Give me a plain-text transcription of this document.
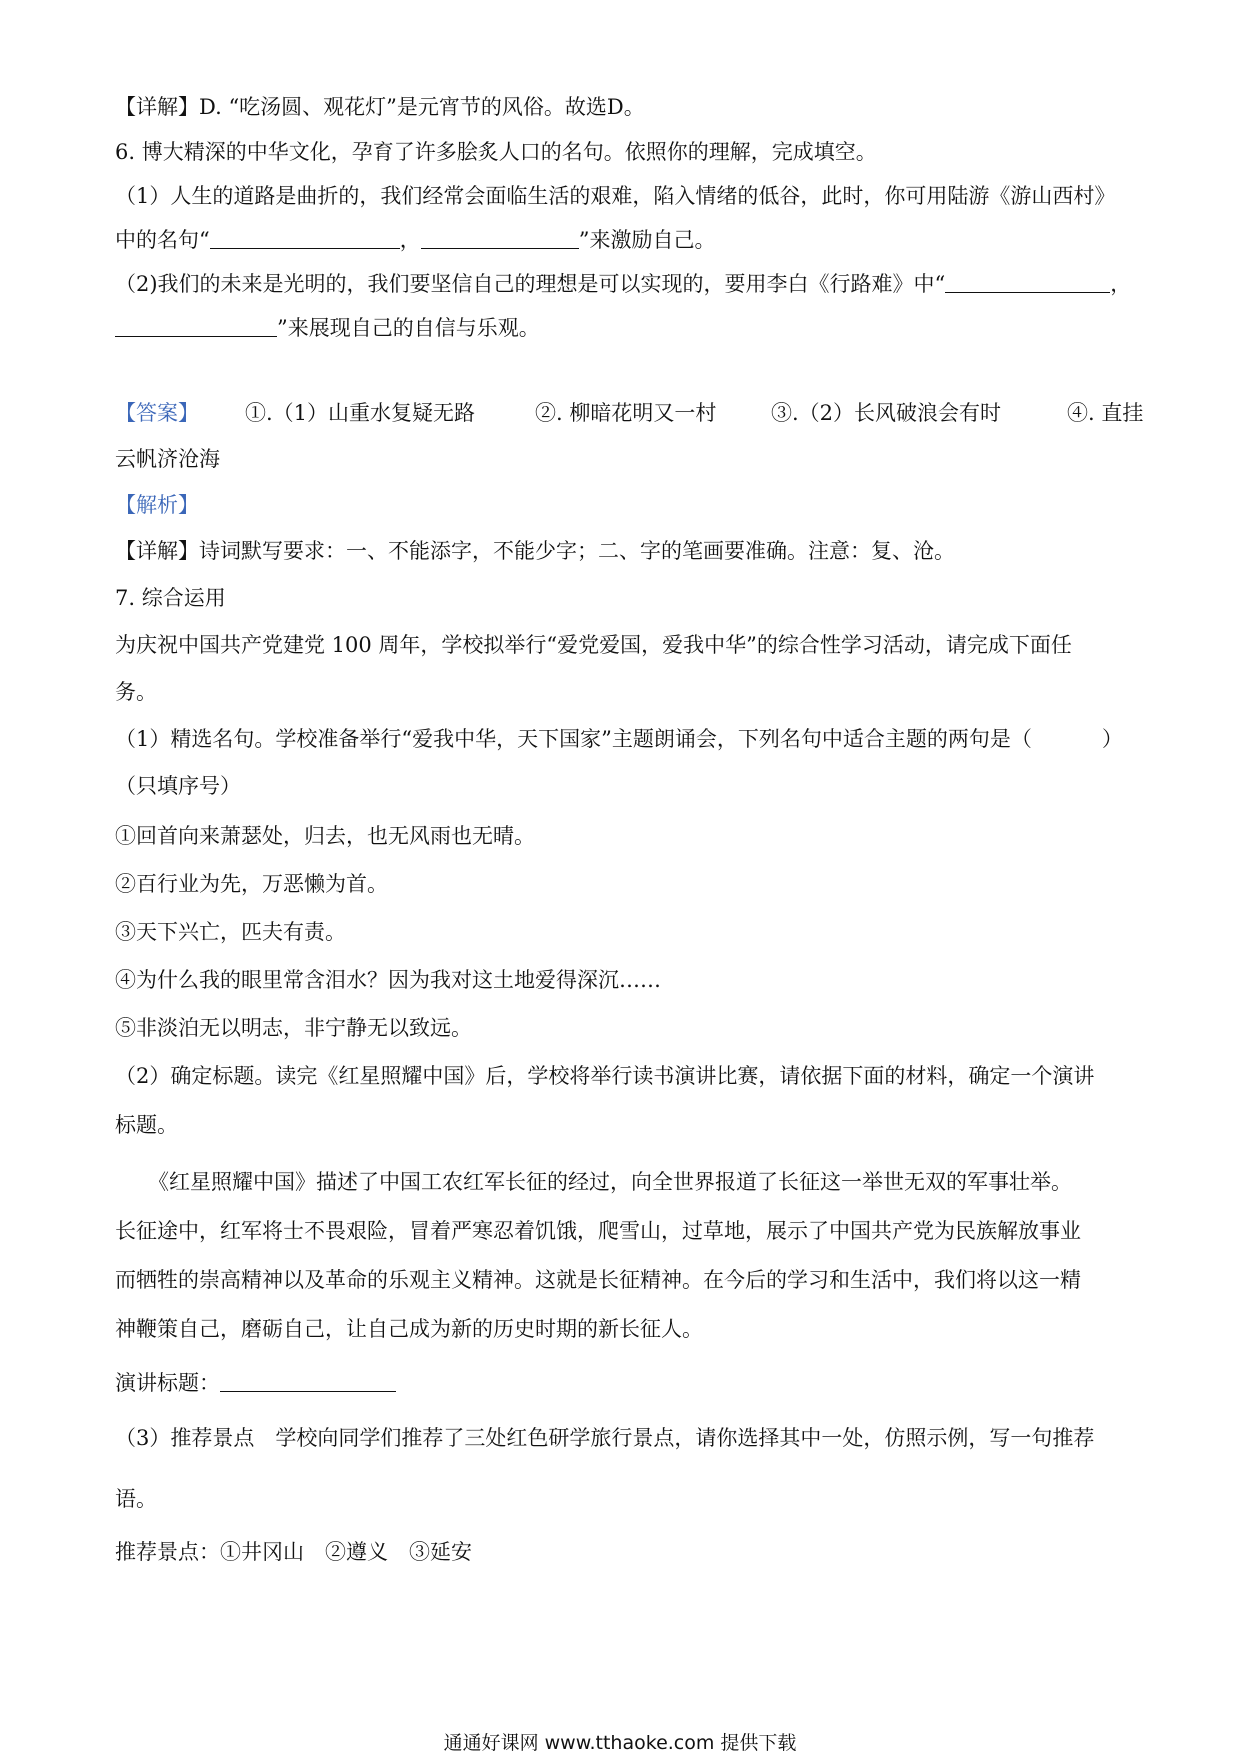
【详解】D. “吃汤圆、观花灯”是元宵节的风俗。故选D。
6. 博大精深的中华文化，孕育了许多脍炙人口的名句。依照你的理解，完成填空。
（1）人生的道路是曲折的，我们经常会面临生活的艰难，陷入情绪的低谷，此时，你可用陆游《游山西村》
中的名句“	，	”来激励自己。
（2)我们的未来是光明的，我们要坚信自己的理想是可以实现的，要用李白《行路难》中“	，
”来展现自己的自信与乐观。
【答案】 ①.（1）山重水复疑无路	②. 柳暗花明又一村	③.（2）长风破浪会有时	④. 直挂
云帆济沧海
【解析】
【详解】诗词默写要求：一、不能添字，不能少字；二、字的笔画要准确。注意：复、沧。
7. 综合运用
为庆祝中国共产党建党 100 周年，学校拟举行“爱党爱国，爱我中华”的综合性学习活动，请完成下面任
务。
（1）精选名句。学校准备举行“爱我中华，天下国家”主题朗诵会，下列名句中适合主题的两句是（	）
（只填序号）
①回首向来萧瑟处，归去，也无风雨也无晴。
②百行业为先，万恶懒为首。
③天下兴亡，匹夫有责。
④为什么我的眼里常含泪水？因为我对这土地爱得深沉……
⑤非淡泊无以明志，非宁静无以致远。
（2）确定标题。读完《红星照耀中国》后，学校将举行读书演讲比赛，请依据下面的材料，确定一个演讲
标题。
《红星照耀中国》描述了中国工农红军长征的经过，向全世界报道了长征这一举世无双的军事壮举。
长征途中，红军将士不畏艰险，冒着严寒忍着饥饿，爬雪山，过草地，展示了中国共产党为民族解放事业
而牺牲的崇高精神以及革命的乐观主义精神。这就是长征精神。在今后的学习和生活中，我们将以这一精
神鞭策自己，磨砺自己，让自己成为新的历史时期的新长征人。
演讲标题：
（3）推荐景点　学校向同学们推荐了三处红色研学旅行景点，请你选择其中一处，仿照示例，写一句推荐
语。
推荐景点：①井冈山　②遵义　③延安
通通好课网 www.tthaoke.com 提供下载
